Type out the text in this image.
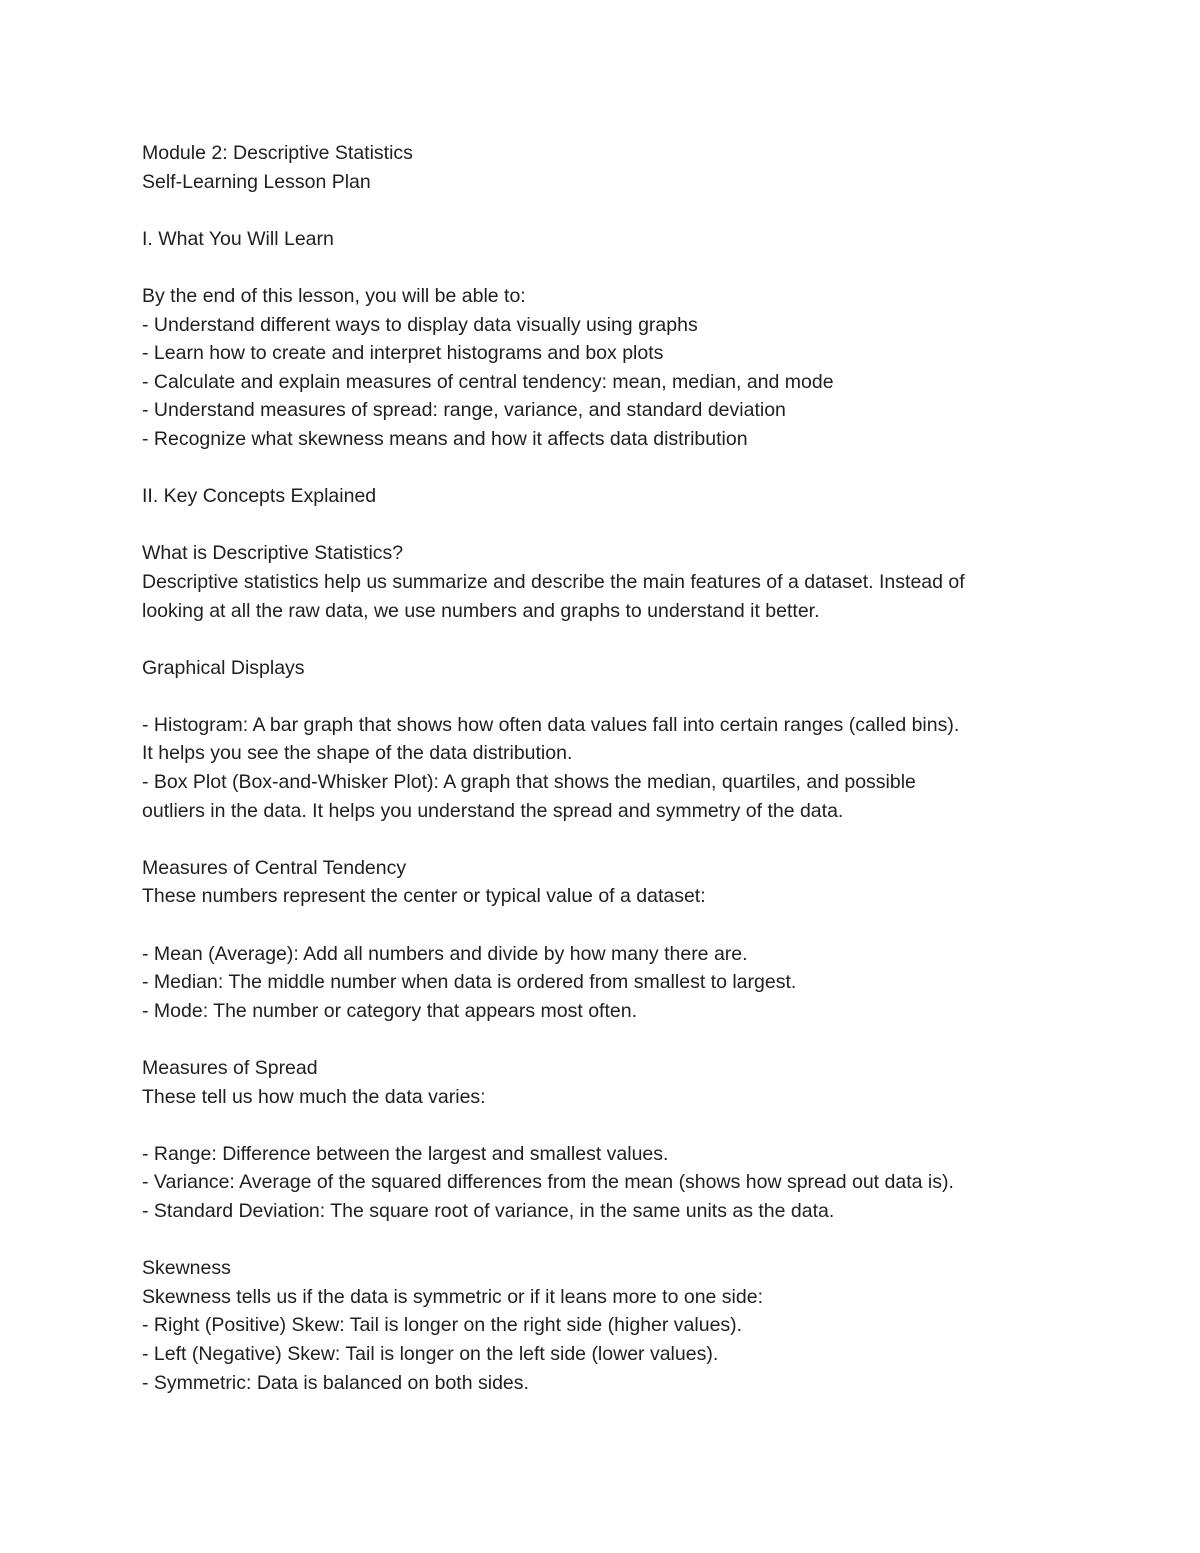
Module 2: Descriptive Statistics

Self-Learning Lesson Plan

I. What You Will Learn

By the end of this lesson, you will be able to:

- Understand different ways to display data visually using graphs

- Learn how to create and interpret histograms and box plots

- Calculate and explain measures of central tendency: mean, median, and mode

- Understand measures of spread: range, variance, and standard deviation

- Recognize what skewness means and how it affects data distribution

II. Key Concepts Explained

What is Descriptive Statistics?

Descriptive statistics help us summarize and describe the main features of a dataset. Instead of

looking at all the raw data, we use numbers and graphs to understand it better.

Graphical Displays

- Histogram: A bar graph that shows how often data values fall into certain ranges (called bins).

It helps you see the shape of the data distribution.

- Box Plot (Box-and-Whisker Plot): A graph that shows the median, quartiles, and possible

outliers in the data. It helps you understand the spread and symmetry of the data.

Measures of Central Tendency

These numbers represent the center or typical value of a dataset:

- Mean (Average): Add all numbers and divide by how many there are.

- Median: The middle number when data is ordered from smallest to largest.

- Mode: The number or category that appears most often.

Measures of Spread

These tell us how much the data varies:

- Range: Difference between the largest and smallest values.

- Variance: Average of the squared differences from the mean (shows how spread out data is).

- Standard Deviation: The square root of variance, in the same units as the data.

Skewness

Skewness tells us if the data is symmetric or if it leans more to one side:

- Right (Positive) Skew: Tail is longer on the right side (higher values).

- Left (Negative) Skew: Tail is longer on the left side (lower values).

- Symmetric: Data is balanced on both sides.
